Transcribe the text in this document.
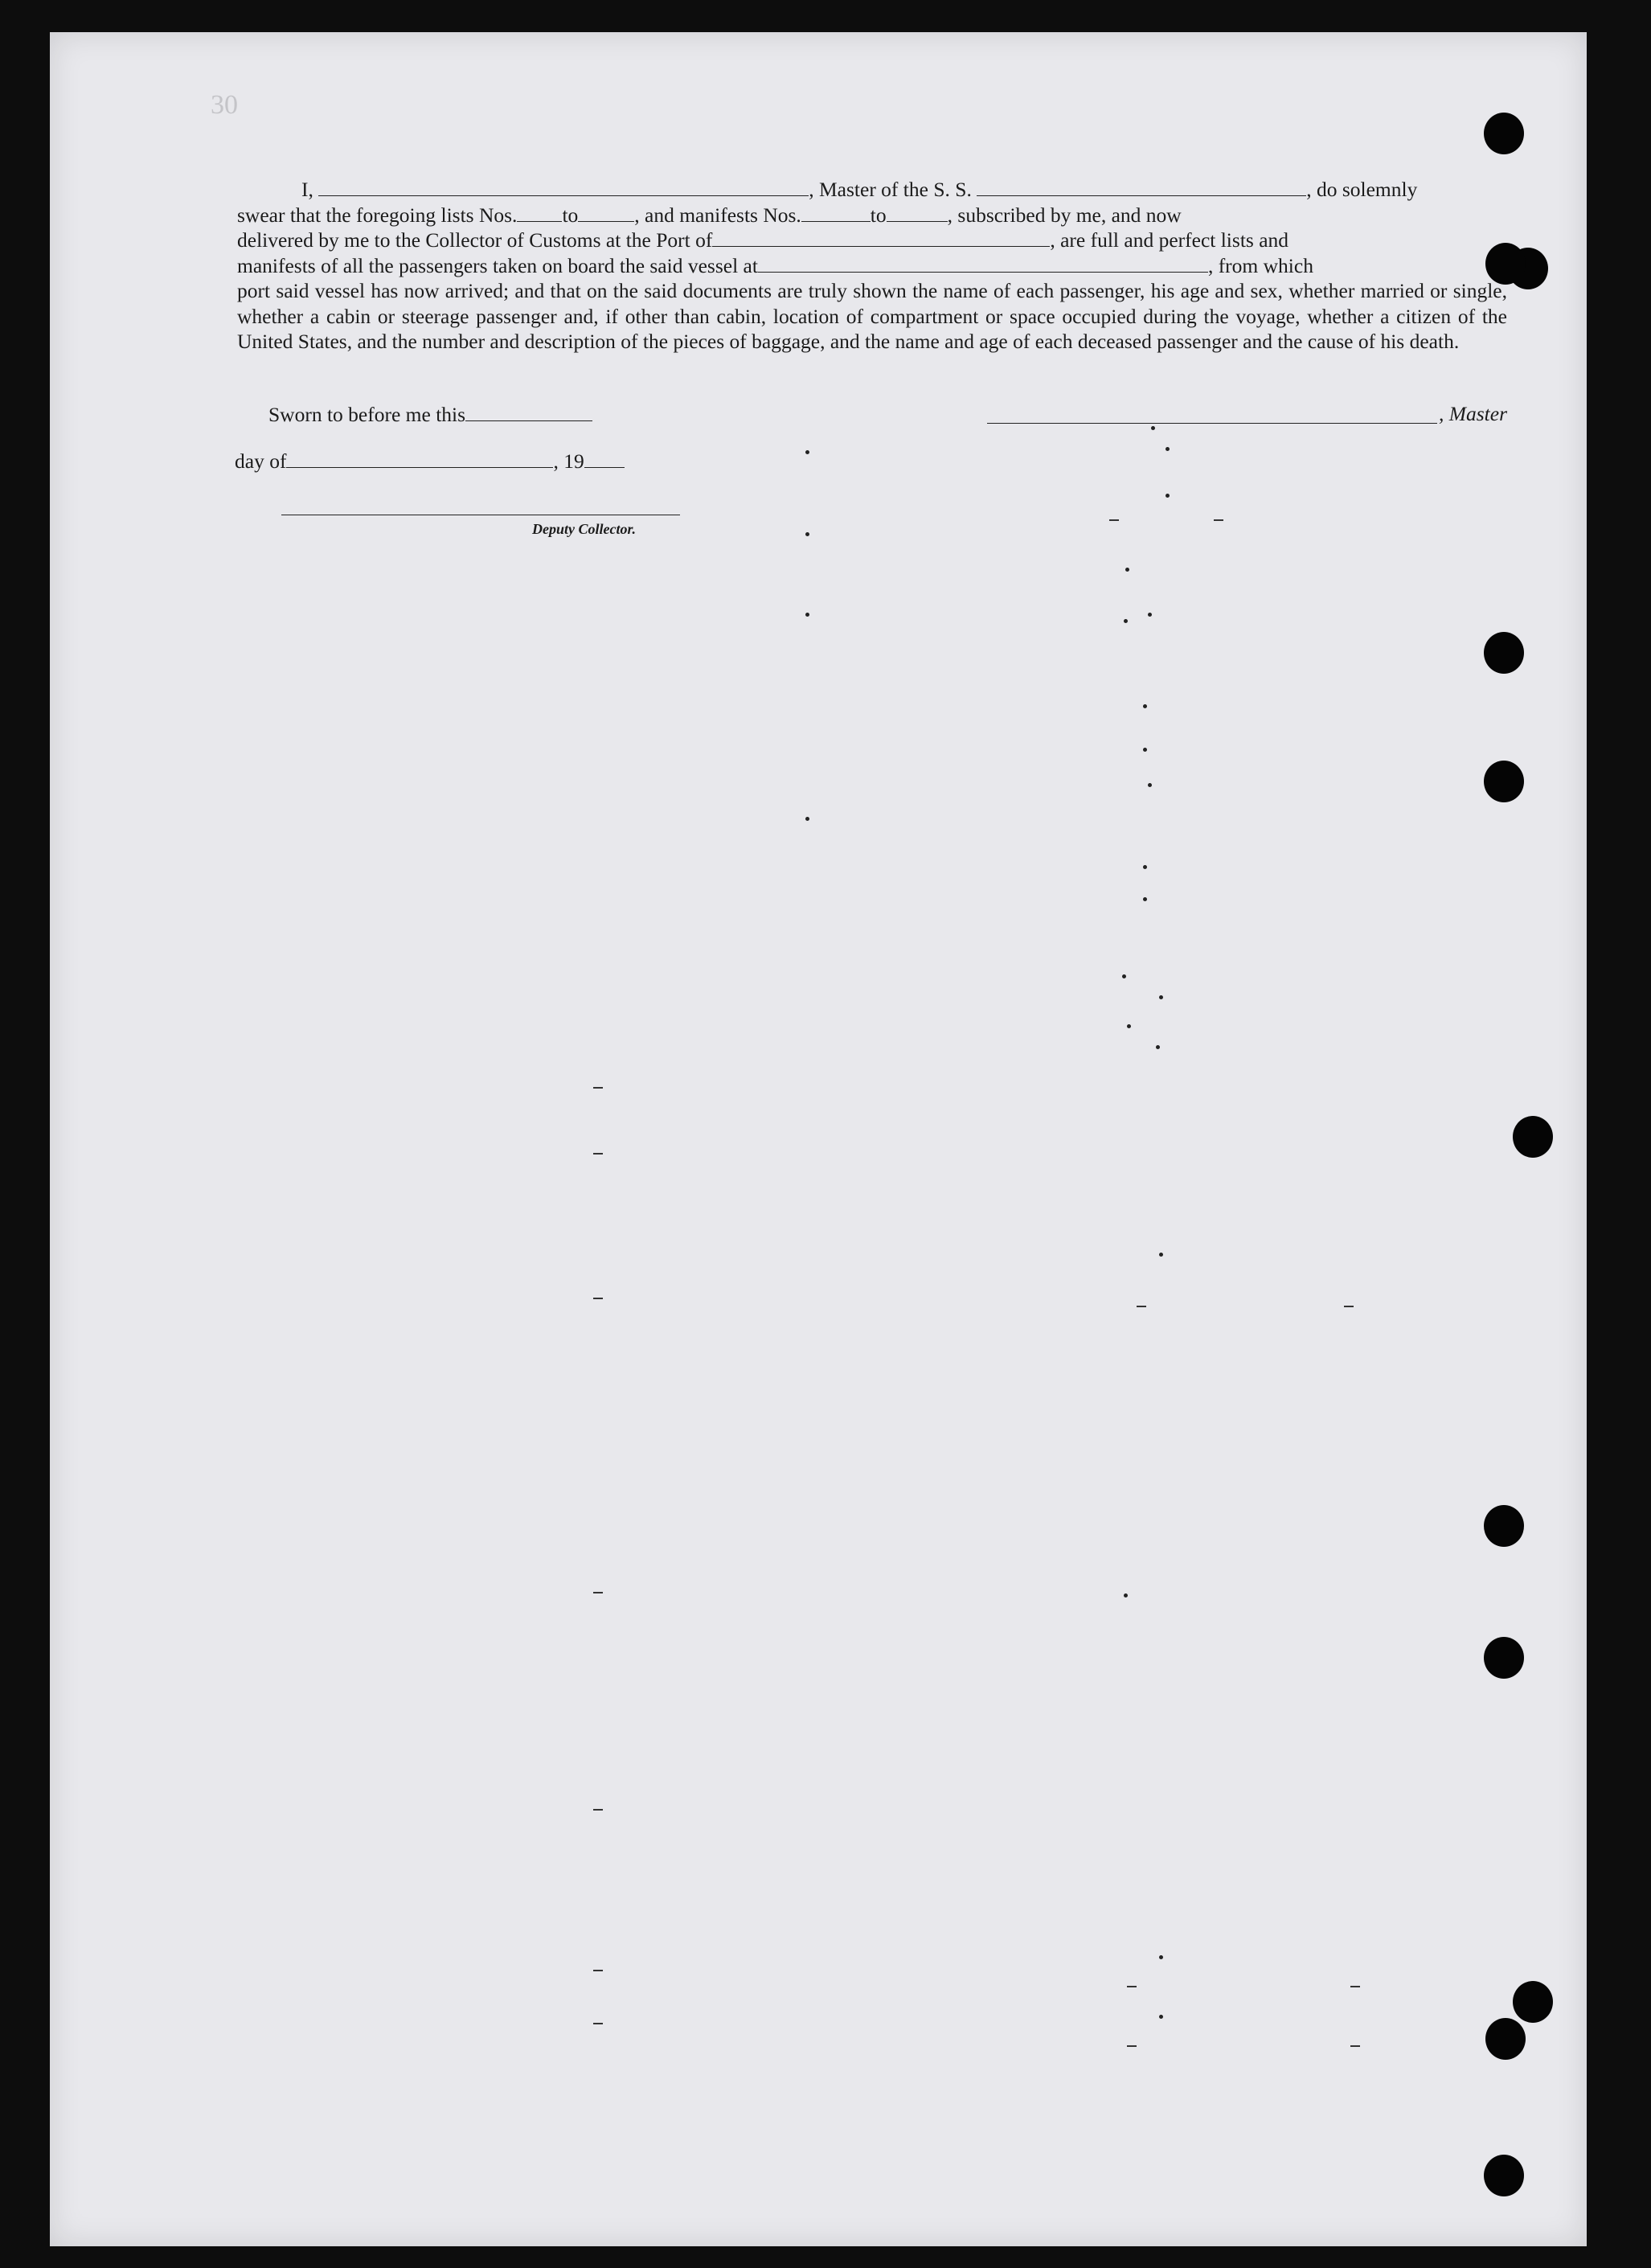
30
I,	, Master of the S. S.	, do solemnly
swear that the foregoing lists Nos. to	, and manifests Nos.	to	, subscribed by me, and now
delivered by me to the Collector of Customs at the Port of	, are full and perfect lists and
manifests of all the passengers taken on board the said vessel at	, from which
port said vessel has now arrived; and that on the said documents are truly shown the name of each passenger, his age and sex, whether married or single, whether a cabin or steerage passenger and, if other than cabin, location of compartment or space occupied during the voyage, whether a citizen of the United States, and the number and description of the pieces of baggage, and the name and age of each deceased passenger and the cause of his death.
Sworn to before me this
day of	, 19
Deputy Collector.
, Master
